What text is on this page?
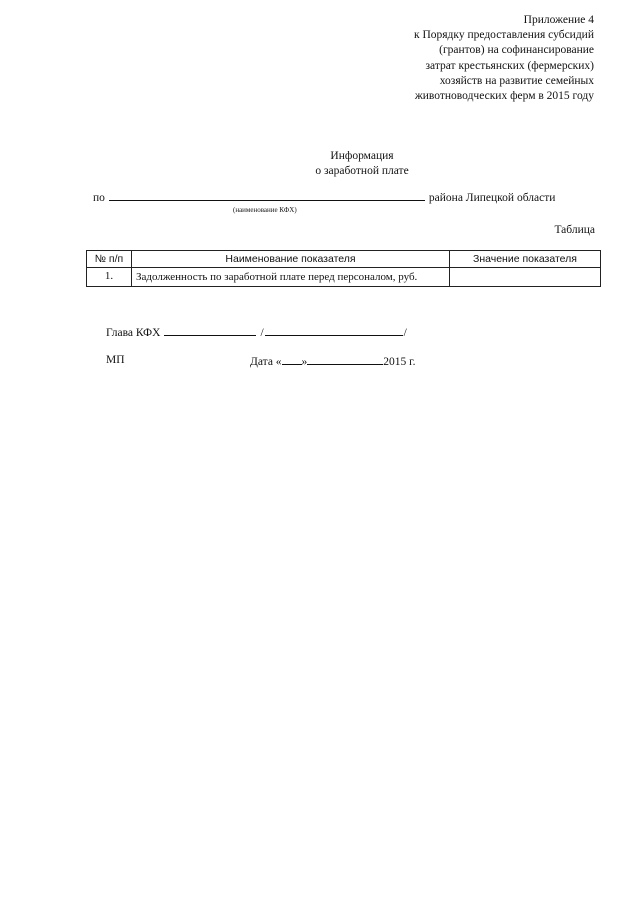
Приложение 4
к Порядку предоставления субсидий
(грантов) на софинансирование
затрат крестьянских (фермерских)
хозяйств на развитие семейных
животноводческих ферм в 2015 году
Информация
о заработной плате
по	района Липецкой области
(наименование КФХ)
Таблица
№ п/п	Наименование показателя	Значение показателя
1.	Задолженность по заработной плате перед персоналом, руб.	
Глава КФХ	/	/
МП	Дата « »	2015 г.
